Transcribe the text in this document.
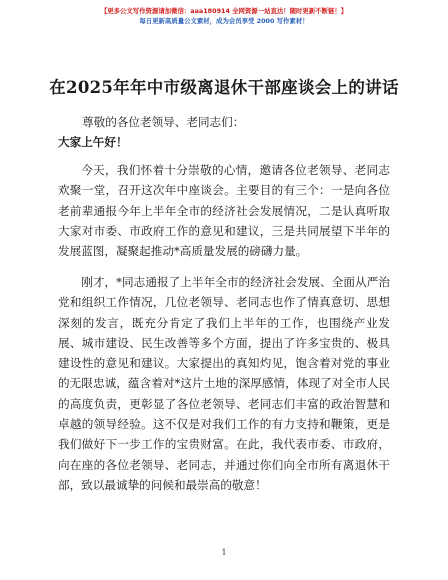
【更多公文写作资源请加微信：aaa180914 全网资源一站直达！随时更新不断链！】
每日更新高质量公文素材，成为会员享受 2000 写作素材！
在2025年年中市级离退休干部座谈会上的讲话
尊敬的各位老领导、老同志们：
大家上午好！
今天，我们怀着十分崇敬的心情，邀请各位老领导、老同志欢聚一堂，召开这次年中座谈会。主要目的有三个：一是向各位老前辈通报今年上半年全市的经济社会发展情况，二是认真听取大家对市委、市政府工作的意见和建议，三是共同展望下半年的发展蓝图，凝聚起推动*高质量发展的磅礴力量。
刚才，*同志通报了上半年全市的经济社会发展、全面从严治党和组织工作情况，几位老领导、老同志也作了情真意切、思想深刻的发言，既充分肯定了我们上半年的工作，也围绕产业发展、城市建设、民生改善等多个方面，提出了许多宝贵的、极具建设性的意见和建议。大家提出的真知灼见，饱含着对党的事业的无限忠诚，蕴含着对*这片土地的深厚感情，体现了对全市人民的高度负责，更彰显了各位老领导、老同志们丰富的政治智慧和卓越的领导经验。这不仅是对我们工作的有力支持和鞭策，更是我们做好下一步工作的宝贵财富。在此，我代表市委、市政府，向在座的各位老领导、老同志，并通过你们向全市所有离退休干部，致以最诚挚的问候和最崇高的敬意！
1
